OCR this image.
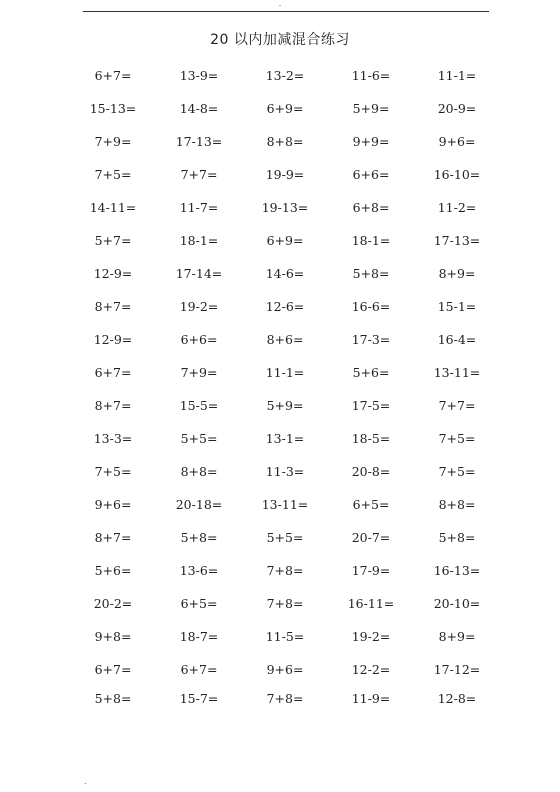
.
20 以内加减混合练习
6+7=	13-9=	13-2=	11-6=	11-1=
15-13=	14-8=	6+9=	5+9=	20-9=
7+9=	17-13=	8+8=	9+9=	9+6=
7+5=	7+7=	19-9=	6+6=	16-10=
14-11=	11-7=	19-13=	6+8=	11-2=
5+7=	18-1=	6+9=	18-1=	17-13=
12-9=	17-14=	14-6=	5+8=	8+9=
8+7=	19-2=	12-6=	16-6=	15-1=
12-9=	6+6=	8+6=	17-3=	16-4=
6+7=	7+9=	11-1=	5+6=	13-11=
8+7=	15-5=	5+9=	17-5=	7+7=
13-3=	5+5=	13-1=	18-5=	7+5=
7+5=	8+8=	11-3=	20-8=	7+5=
9+6=	20-18=	13-11=	6+5=	8+8=
8+7=	5+8=	5+5=	20-7=	5+8=
5+6=	13-6=	7+8=	17-9=	16-13=
20-2=	6+5=	7+8=	16-11=	20-10=
9+8=	18-7=	11-5=	19-2=	8+9=
6+7=	6+7=	9+6=	12-2=	17-12=
5+8=	15-7=	7+8=	11-9=	12-8=
.
